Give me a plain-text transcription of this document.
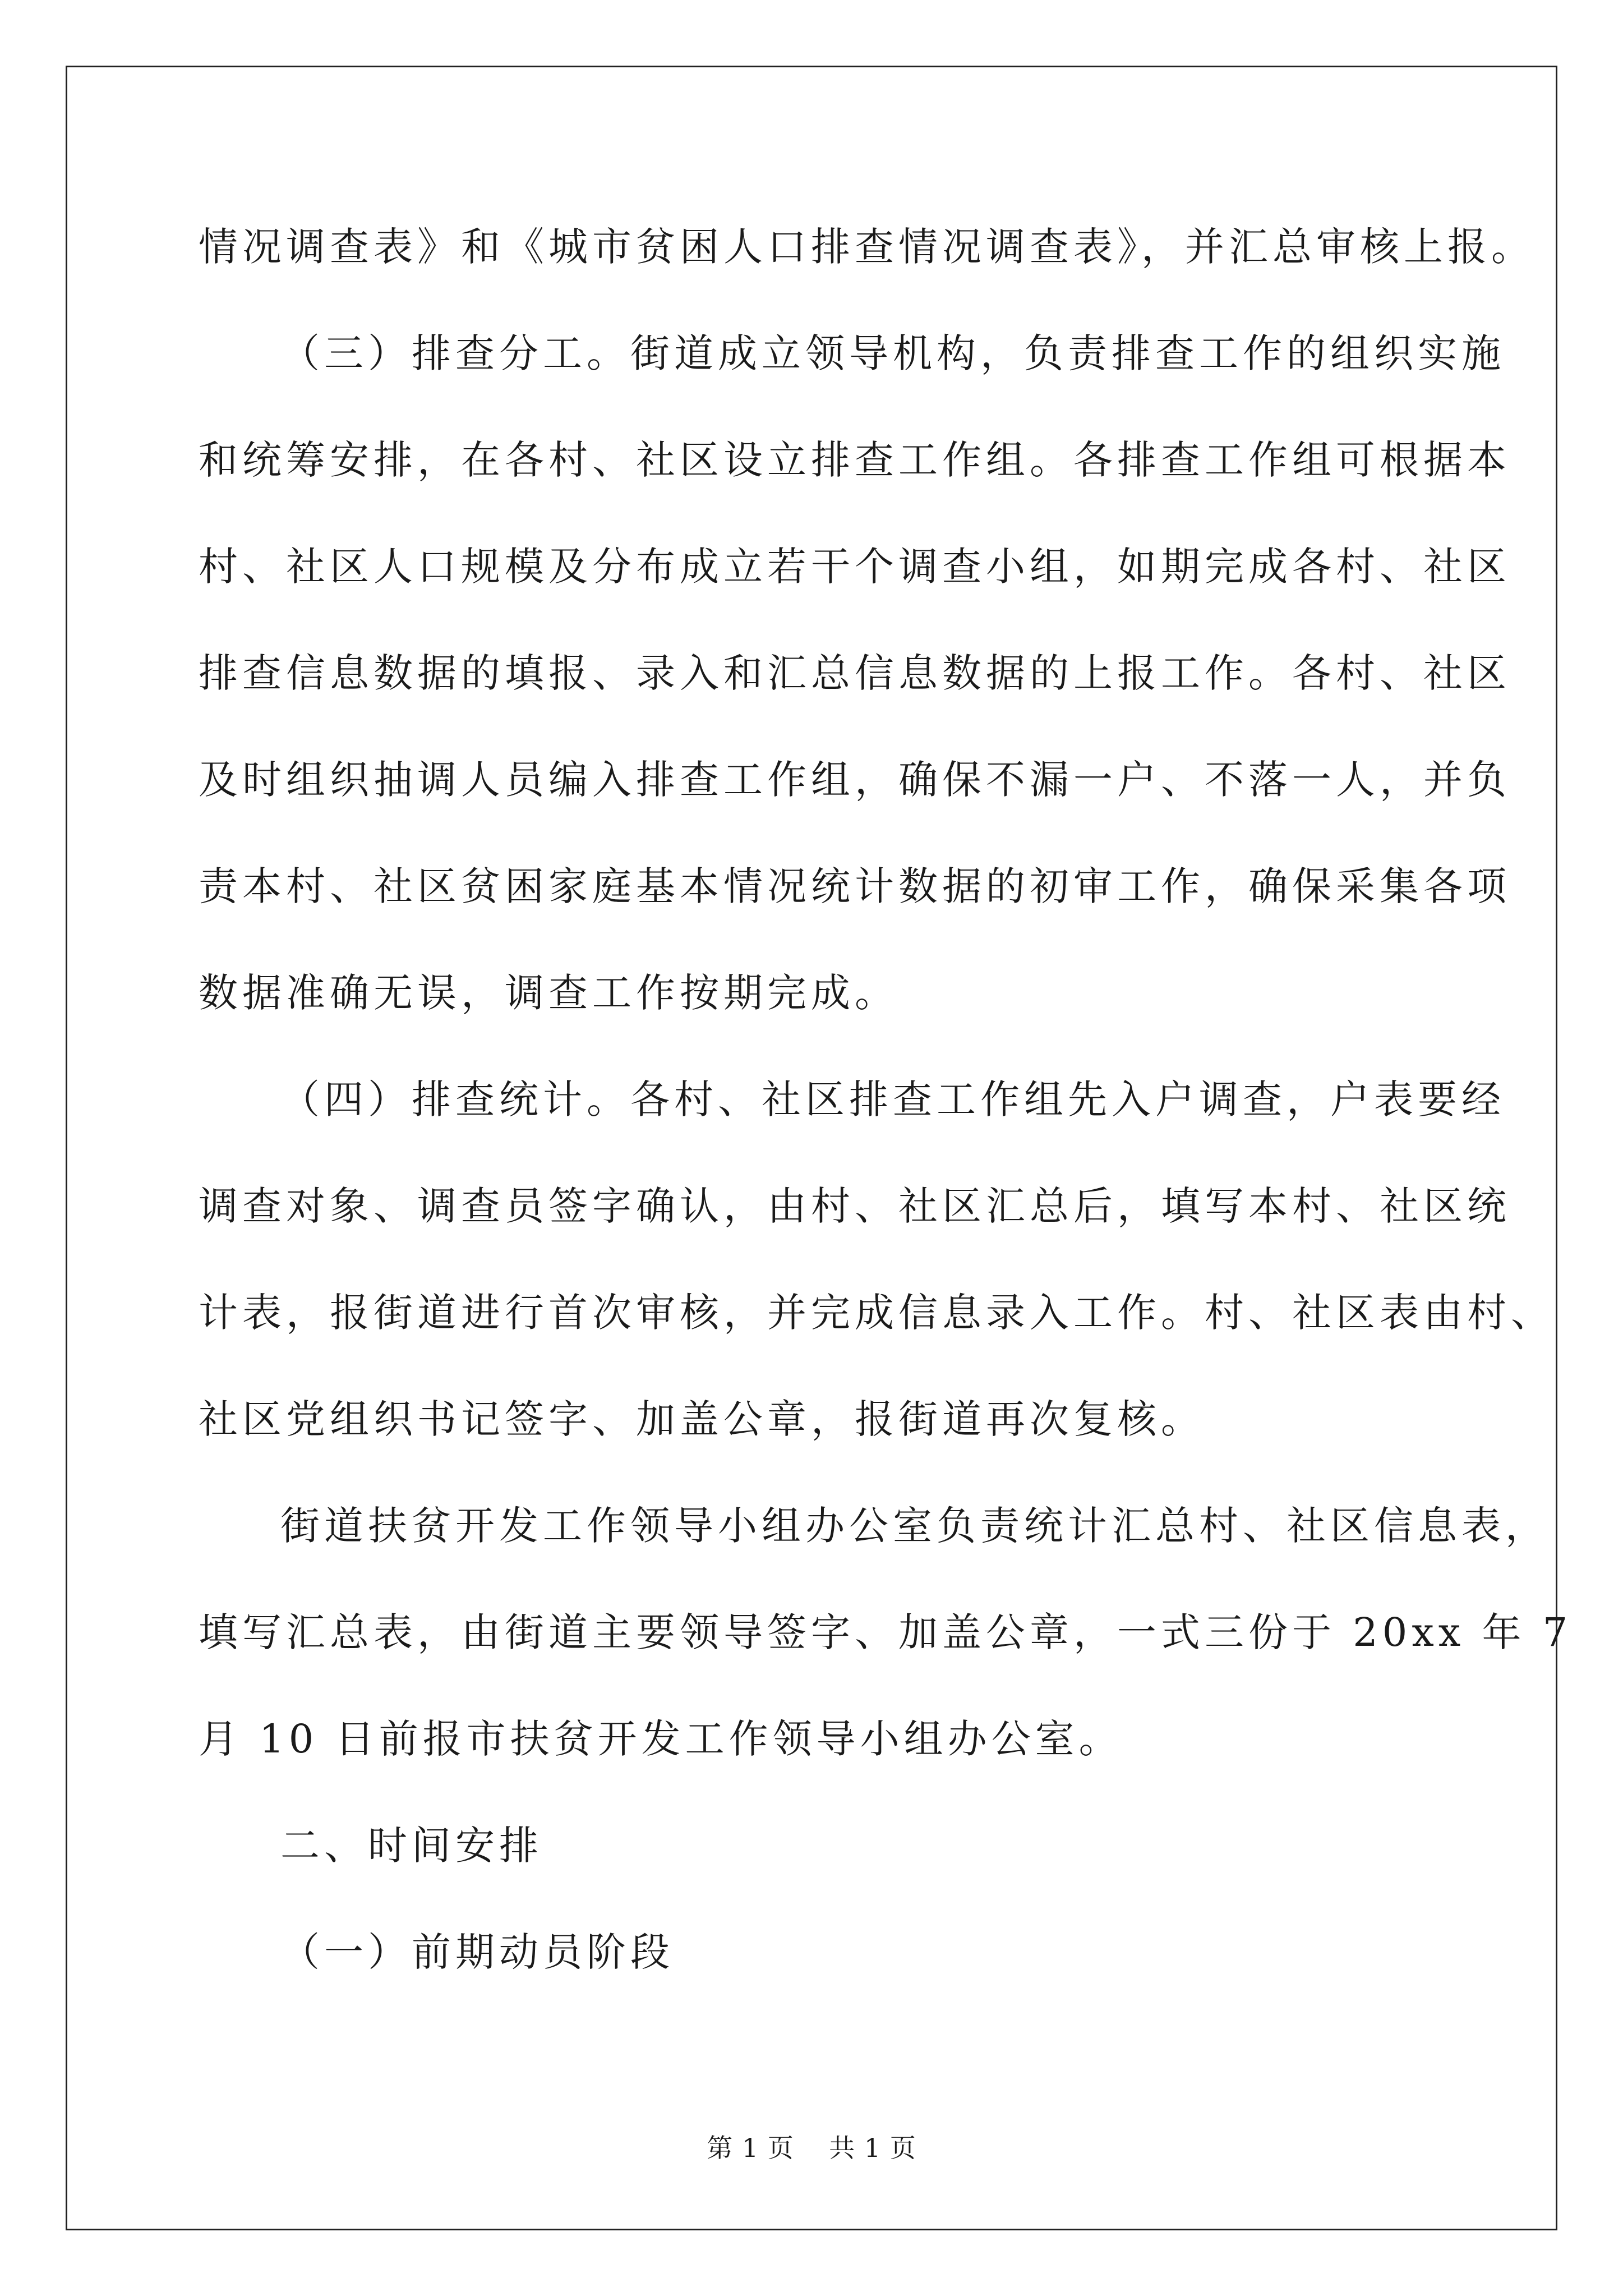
情况调查表》和《城市贫困人口排查情况调查表》，并汇总审核上报。
（三）排查分工。街道成立领导机构，负责排查工作的组织实施
和统筹安排，在各村、社区设立排查工作组。各排查工作组可根据本
村、社区人口规模及分布成立若干个调查小组，如期完成各村、社区
排查信息数据的填报、录入和汇总信息数据的上报工作。各村、社区
及时组织抽调人员编入排查工作组，确保不漏一户、不落一人，并负
责本村、社区贫困家庭基本情况统计数据的初审工作，确保采集各项
数据准确无误，调查工作按期完成。
（四）排查统计。各村、社区排查工作组先入户调查，户表要经
调查对象、调查员签字确认，由村、社区汇总后，填写本村、社区统
计表，报街道进行首次审核，并完成信息录入工作。村、社区表由村、
社区党组织书记签字、加盖公章，报街道再次复核。
街道扶贫开发工作领导小组办公室负责统计汇总村、社区信息表，
填写汇总表，由街道主要领导签字、加盖公章，一式三份于 20xx 年 7
月 10 日前报市扶贫开发工作领导小组办公室。
二、时间安排
（一）前期动员阶段
第 1 页    共 1 页
